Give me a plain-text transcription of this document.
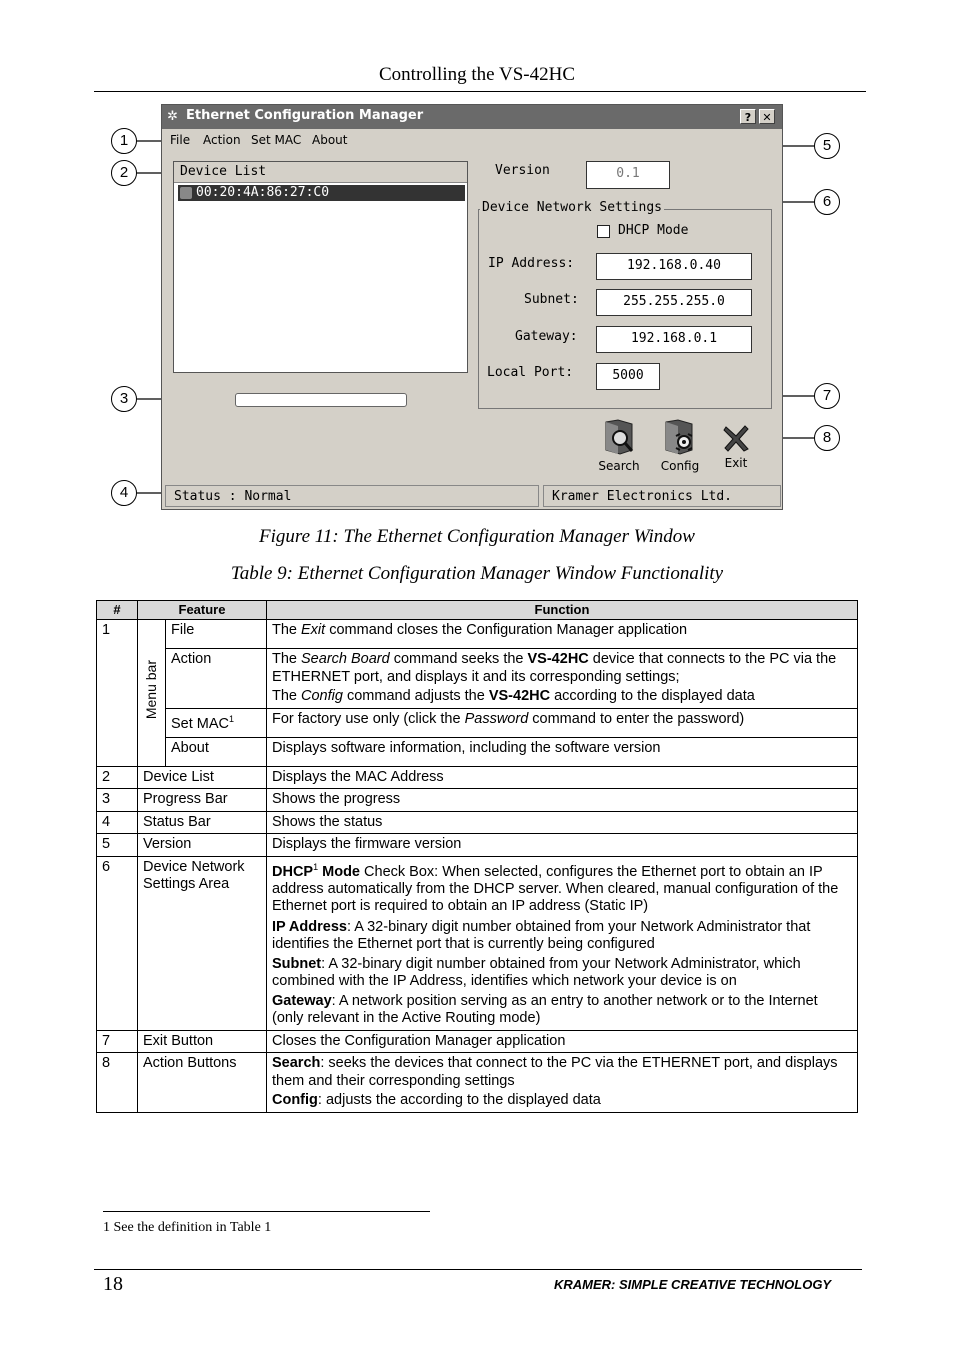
Controlling the VS-42HC
1
2
3
4
5
6
7
8
✲ Ethernet Configuration Manager	?	✕
File Action Set MAC About
Device List
00:20:4A:86:27:C0
Version	0.1
Device Network Settings
DHCP Mode
IP Address:	192.168.0.40
Subnet:	255.255.255.0
Gateway:	192.168.0.1
Local Port:	5000
Search	Config	Exit
Status : Normal	Kramer Electronics Ltd.
Figure 11: The Ethernet Configuration Manager Window
Table 9: Ethernet Configuration Manager Window Functionality
#	Feature		Function
1	Menu bar	File	The Exit command closes the Configuration Manager application
		Action	The Search Board command seeks the VS-42HC device that connects to the PC via the ETHERNET port, and displays it and its corresponding settings;
The Config command adjusts the VS-42HC according to the displayed data

		Set MAC$^1$	For factory use only (click the Password command to enter the password)
		About	Displays software information, including the software version
2	Device List		Displays the MAC Address
3	Progress Bar		Shows the progress
4	Status Bar		Shows the status
5	Version		Displays the firmware version
6	Device Network Settings Area		DHCP$^1$ Mode Check Box: When selected, configures the Ethernet port to obtain an IP address automatically from the DHCP server. When cleared, manual configuration of the Ethernet port is required to obtain an IP address (Static IP)
IP Address: A 32-binary digit number obtained from your Network Administrator that identifies the Ethernet port that is currently being configured
Subnet: A 32-binary digit number obtained from your Network Administrator, which combined with the IP Address, identifies which network your device is on
Gateway: A network position serving as an entry to another network or to the Internet (only relevant in the Active Routing mode)

7	Exit Button		Closes the Configuration Manager application
8	Action Buttons		Search: seeks the devices that connect to the PC via the ETHERNET port, and displays them and their corresponding settings
Config: adjusts the according to the displayed data
1 See the definition in Table 1
18	KRAMER: SIMPLE CREATIVE TECHNOLOGY
